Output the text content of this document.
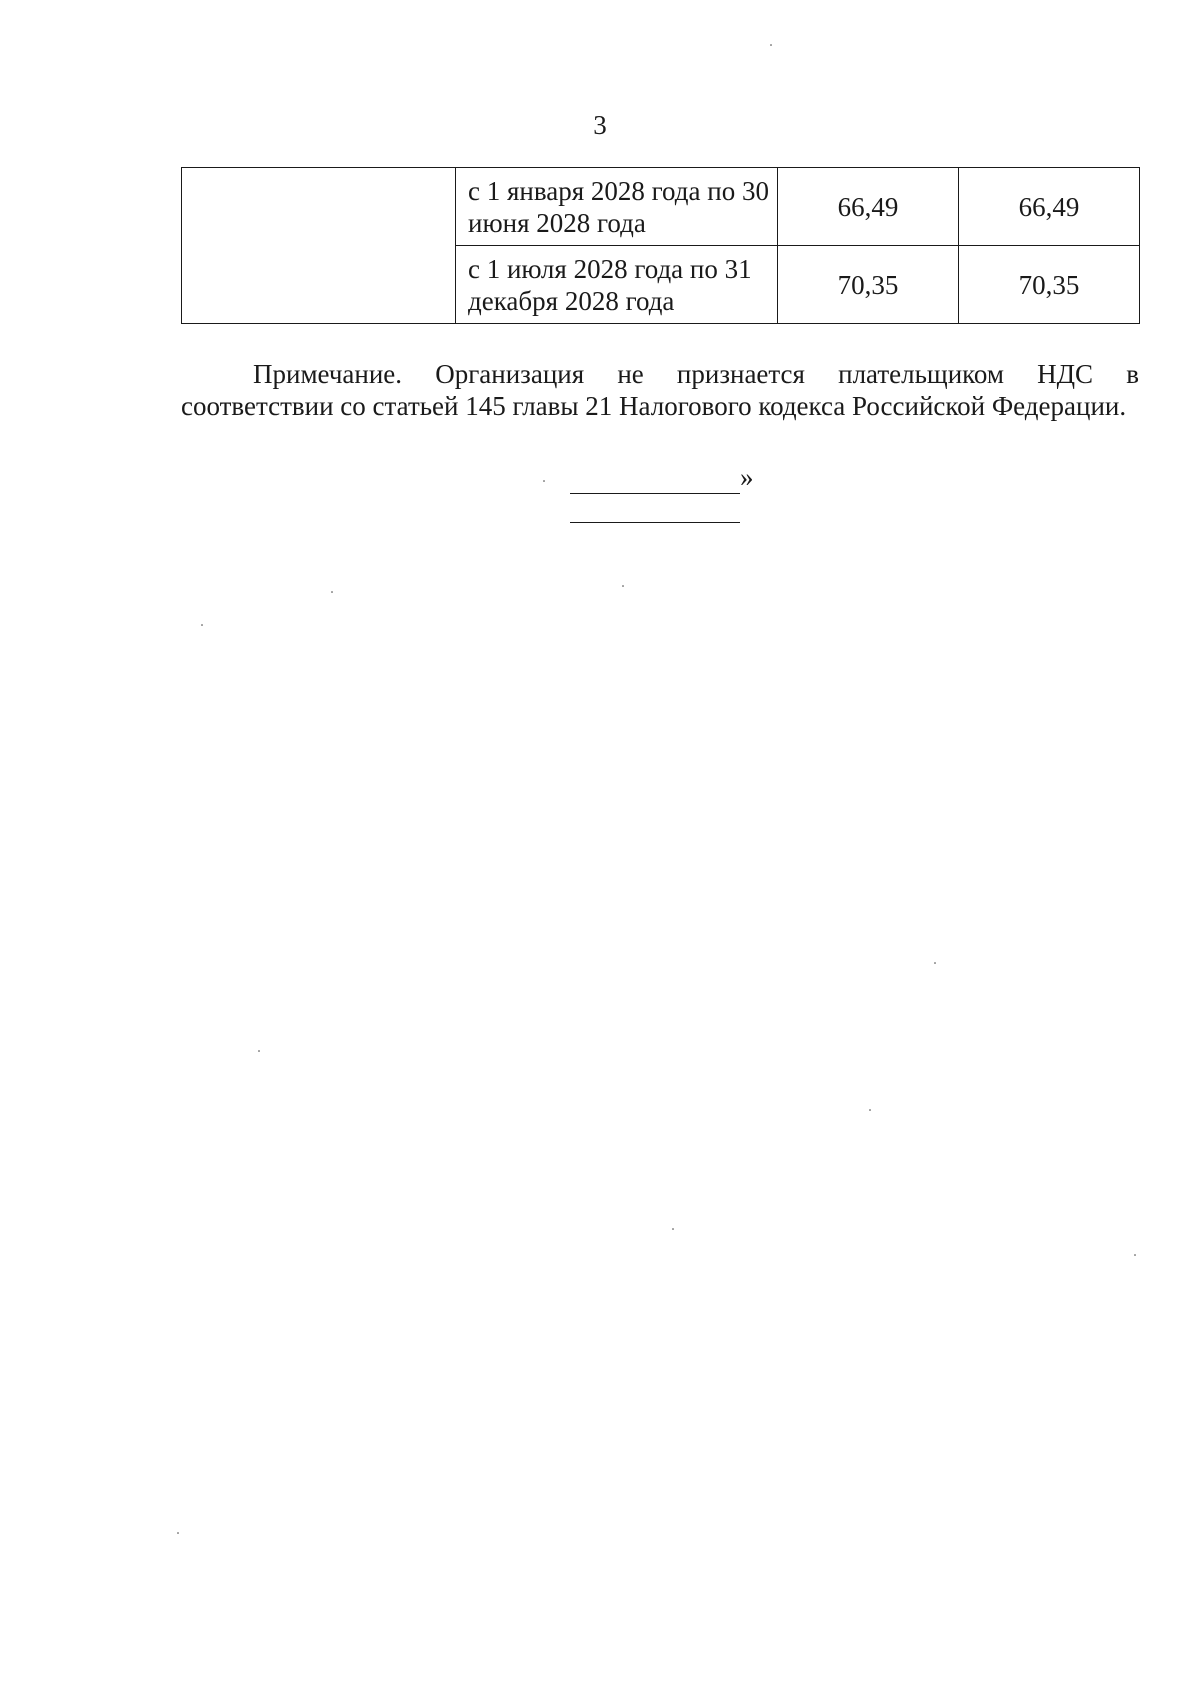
3
	с 1 января 2028 года по 30 июня 2028 года	66,49	66,49
	с 1 июля 2028 года по 31 декабря 2028 года	70,35	70,35

Примечание. Организация не признается плательщиком НДС в соответствии со статьей 145 главы 21 Налогового кодекса Российской Федерации.

»
